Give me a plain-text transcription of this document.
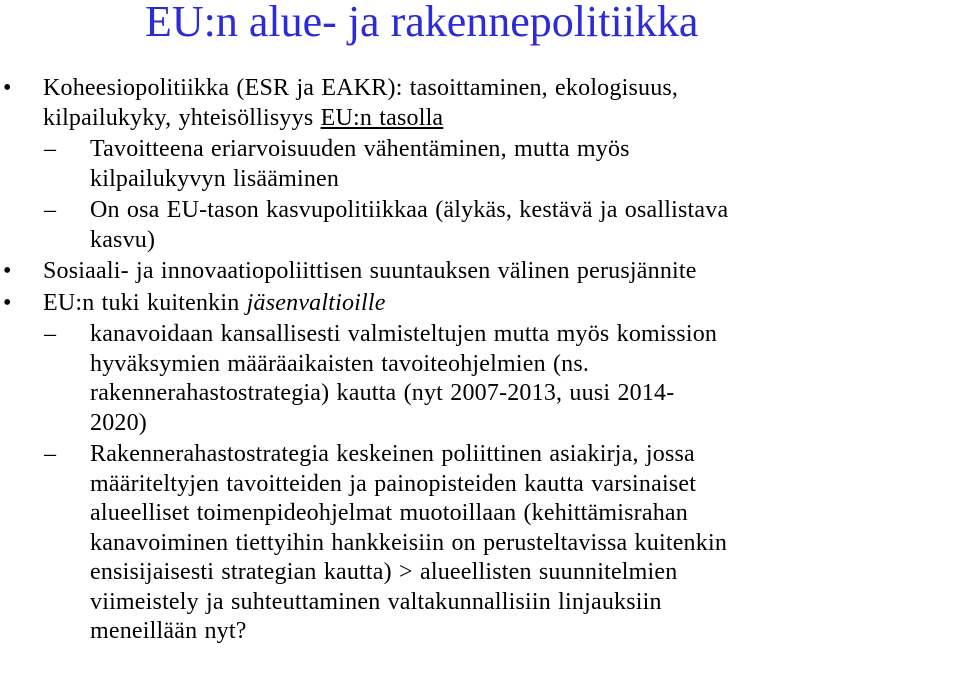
EU:n alue- ja rakennepolitiikka

• Koheesiopolitiikka (ESR ja EAKR): tasoittaminen, ekologisuus,
kilpailukyky, yhteisöllisyys EU:n tasolla

– Tavoitteena eriarvoisuuden vähentäminen, mutta myös
kilpailukyvyn lisääminen

– On osa EU-tason kasvupolitiikkaa (älykäs, kestävä ja osallistava
kasvu)

• Sosiaali- ja innovaatiopoliittisen suuntauksen välinen perusjännite

• EU:n tuki kuitenkin jäsenvaltioille

– kanavoidaan kansallisesti valmisteltujen mutta myös komission
hyväksymien määräaikaisten tavoiteohjelmien (ns.
rakennerahastostrategia) kautta (nyt 2007-2013, uusi 2014-
2020)

– Rakennerahastostrategia keskeinen poliittinen asiakirja, jossa
määriteltyjen tavoitteiden ja painopisteiden kautta varsinaiset
alueelliset toimenpideohjelmat muotoillaan (kehittämisrahan
kanavoiminen tiettyihin hankkeisiin on perusteltavissa kuitenkin
ensisijaisesti strategian kautta) > alueellisten suunnitelmien
viimeistely ja suhteuttaminen valtakunnallisiin linjauksiin
meneillään nyt?
